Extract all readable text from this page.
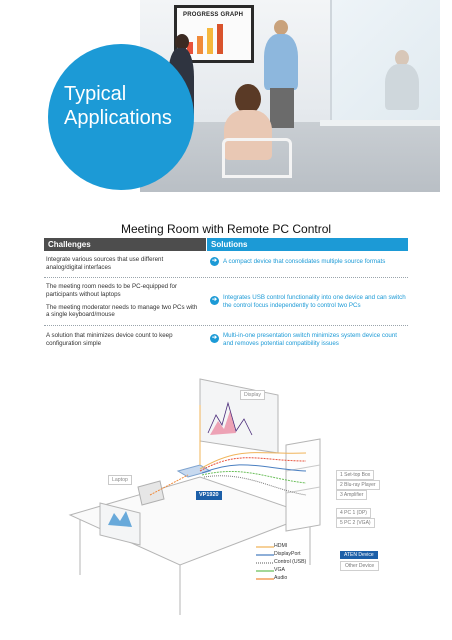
PROGRESS GRAPH
Typical
Applications
Meeting Room with Remote PC Control
Challenges	Solutions

Integrate various sources that use different analog/digital interfaces

➔ A compact device that consolidates multiple source formats

The meeting room needs to be PC-equipped for participants without laptops

The meeting moderator needs to manage two PCs with a single keyboard/mouse

➔ Integrates USB control functionality into one device and can switch the control focus independently to control two PCs

A solution that minimizes device count to keep configuration simple

➔ Multi-in-one presentation switch minimizes system device count and removes potential compatibility issues
Display
Laptop
VP1920
1 Set-top Box
2 Blu-ray Player
3 Amplifier
4 PC 1 (DP)
5 PC 2 (VGA)
HDMI
DisplayPort
Control (USB)
VGA
Audio
ATEN Device
Other Device
